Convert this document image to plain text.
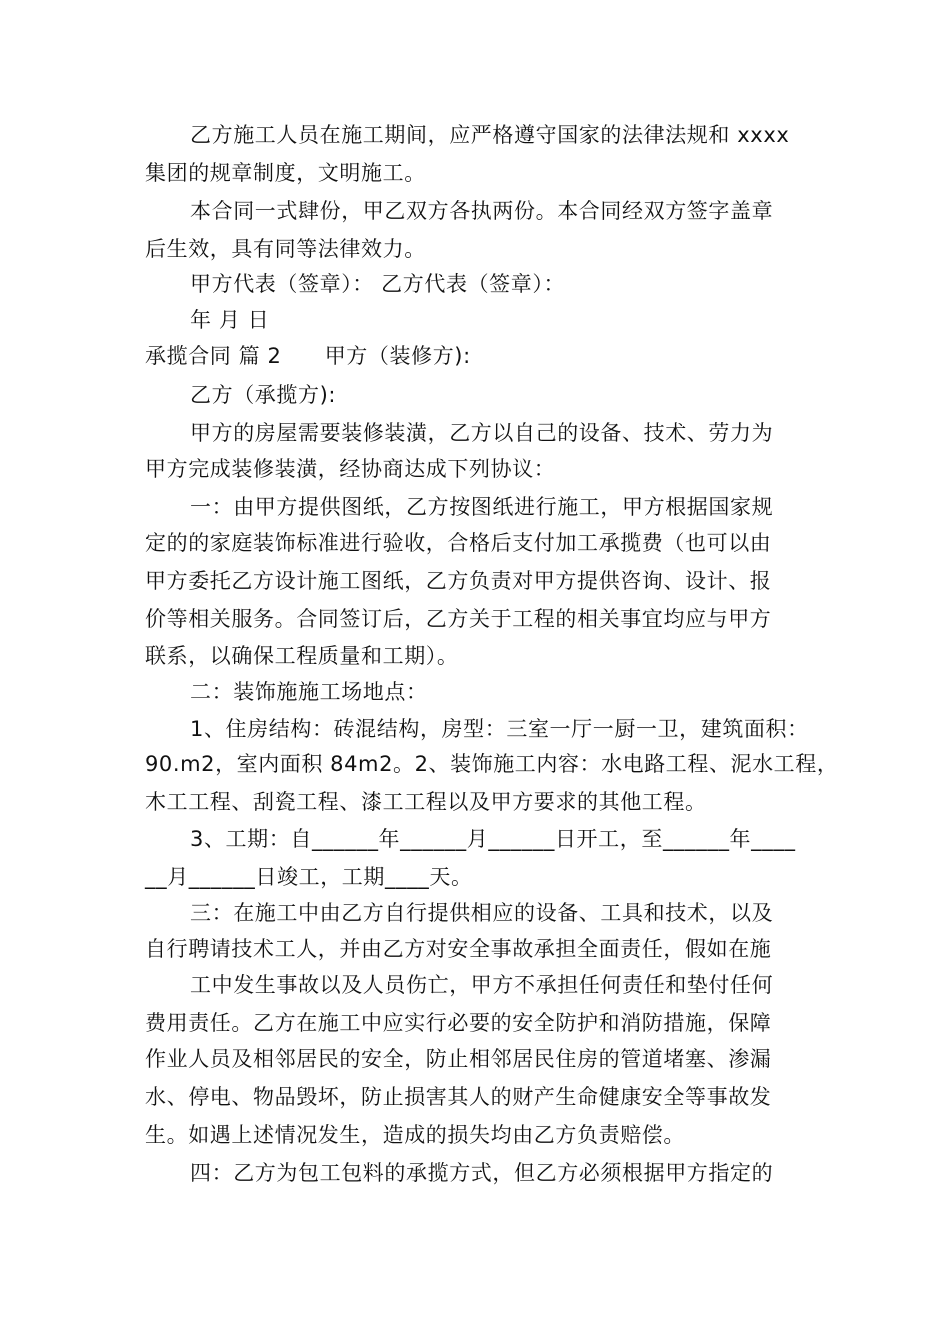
乙方施工人员在施工期间，应严格遵守国家的法律法规和 xxxx
集团的规章制度，文明施工。
本合同一式肆份，甲乙双方各执两份。本合同经双方签字盖章
后生效，具有同等法律效力。
甲方代表（签章）： 乙方代表（签章）：
年 月 日
承揽合同 篇 2　　甲方（装修方):
乙方（承揽方):
甲方的房屋需要装修装潢，乙方以自己的设备、技术、劳力为
甲方完成装修装潢，经协商达成下列协议：
一：由甲方提供图纸，乙方按图纸进行施工，甲方根据国家规
定的的家庭装饰标准进行验收，合格后支付加工承揽费（也可以由
甲方委托乙方设计施工图纸，乙方负责对甲方提供咨询、设计、报
价等相关服务。合同签订后，乙方关于工程的相关事宜均应与甲方
联系，以确保工程质量和工期）。
二：装饰施施工场地点：
1、住房结构：砖混结构，房型：三室一厅一厨一卫，建筑面积：
90.m2，室内面积 84m2。2、装饰施工内容：水电路工程、泥水工程，
木工工程、刮瓷工程、漆工工程以及甲方要求的其他工程。
3、工期：自______年______月______日开工，至______年____
__月______日竣工，工期____天。
三：在施工中由乙方自行提供相应的设备、工具和技术，以及
自行聘请技术工人，并由乙方对安全事故承担全面责任，假如在施
工中发生事故以及人员伤亡，甲方不承担任何责任和垫付任何
费用责任。乙方在施工中应实行必要的安全防护和消防措施，保障
作业人员及相邻居民的安全，防止相邻居民住房的管道堵塞、渗漏
水、停电、物品毁坏，防止损害其人的财产生命健康安全等事故发
生。如遇上述情况发生，造成的损失均由乙方负责赔偿。
四：乙方为包工包料的承揽方式，但乙方必须根据甲方指定的
